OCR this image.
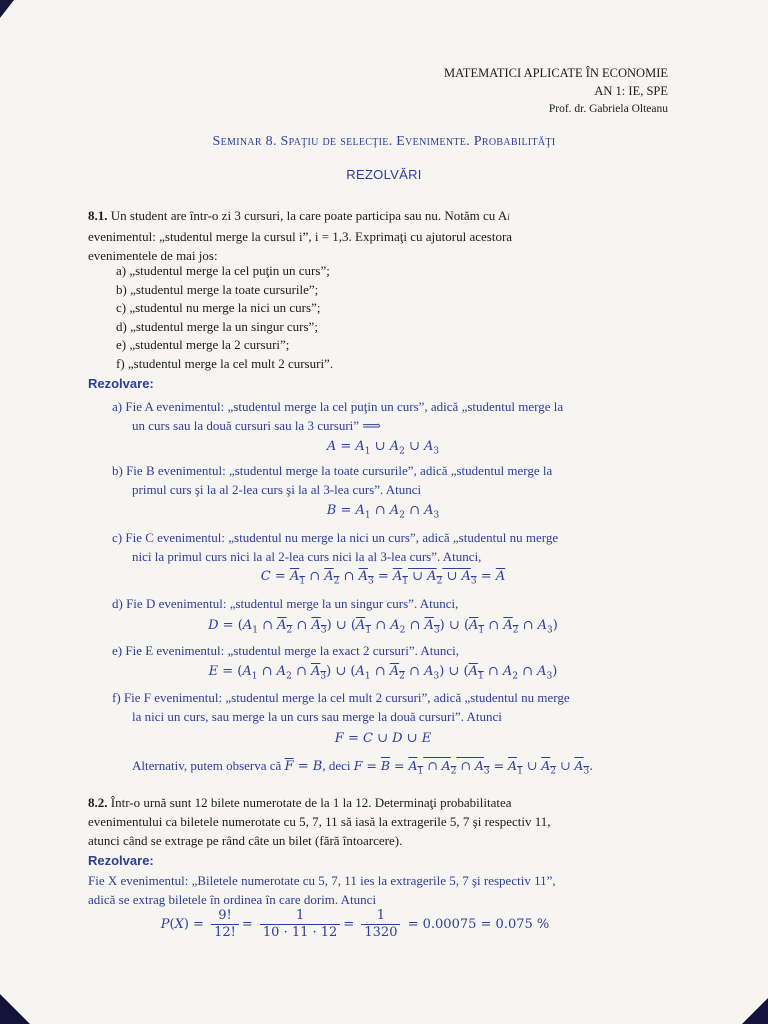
MATEMATICI APLICATE ÎN ECONOMIE
AN 1: IE, SPE
Prof. dr. Gabriela Olteanu
Seminar 8. Spaţiu de selecţie. Evenimente. Probabilităţi
REZOLVĂRI
8.1. Un student are într-o zi 3 cursuri, la care poate participa sau nu. Notăm cu Ai
evenimentul: „studentul merge la cursul i”, i = 1,3. Exprimaţi cu ajutorul acestora
evenimentele de mai jos:
a) „studentul merge la cel puţin un curs”;
b) „studentul merge la toate cursurile”;
c) „studentul nu merge la nici un curs”;
d) „studentul merge la un singur curs”;
e) „studentul merge la 2 cursuri”;
f) „studentul merge la cel mult 2 cursuri”.
Rezolvare:
a) Fie A evenimentul: „studentul merge la cel puţin un curs”, adică „studentul merge la
un curs sau la două cursuri sau la 3 cursuri” ⟹
$A = A_1$ ∪ $A_2$ ∪ $A_3$
b) Fie B evenimentul: „studentul merge la toate cursurile”, adică „studentul merge la
primul curs şi la al 2-lea curs şi la al 3-lea curs”. Atunci
$B = A_1$ ∩ $A_2$ ∩ $A_3$
c) Fie C evenimentul: „studentul nu merge la nici un curs”, adică „studentul nu merge
nici la primul curs nici la al 2-lea curs nici la al 3-lea curs”. Atunci,
$C = A_1$ ∩ $A_2$ ∩ $A_3 = A_1$ ∪ $A_2$ ∪ $A_3 = \overline{A}$
d) Fie D evenimentul: „studentul merge la un singur curs”. Atunci,
$D = (A_1$ ∩ $A_2$ ∩ $A_3$) ∪ ($A_1$ ∩ $A_2$ ∩ $A_3$) ∪ ($A_1$ ∩ $A_2$ ∩ $A_3$)
e) Fie E evenimentul: „studentul merge la exact 2 cursuri”. Atunci,
$E = (A_1$ ∩ $A_2$ ∩ $A_3$) ∪ ($A_1$ ∩ $A_2$ ∩ $A_3$) ∪ ($A_1$ ∩ $A_2$ ∩ $A_3$)
f) Fie F evenimentul: „studentul merge la cel mult 2 cursuri”, adică „studentul nu merge
la nici un curs, sau merge la un curs sau merge la două cursuri”. Atunci
F = C ∪ D ∪ E
Alternativ, putem observa că $\overline{F} = B$, deci $F = \overline{B} = A_1$ ∩ $A_2$ ∩ $A_3 = A_1$ ∪ $A_2$ ∪ $A_3$.
8.2. Într-o urnă sunt 12 bilete numerotate de la 1 la 12. Determinaţi probabilitatea
evenimentului ca biletele numerotate cu 5, 7, 11 să iasă la extragerile 5, 7 şi respectiv 11,
atunci când se extrage pe rând câte un bilet (fără întoarcere).
Rezolvare:
Fie X evenimentul: „Biletele numerotate cu 5, 7, 11 ies la extragerile 5, 7 şi respectiv 11”,
adică se extrag biletele în ordinea în care dorim. Atunci
$P(X) = \frac{9!}{12!} = \frac{1}{10 \cdot 11 \cdot 12} = \frac{1}{1320} = 0.00075 = 0.075$ %
